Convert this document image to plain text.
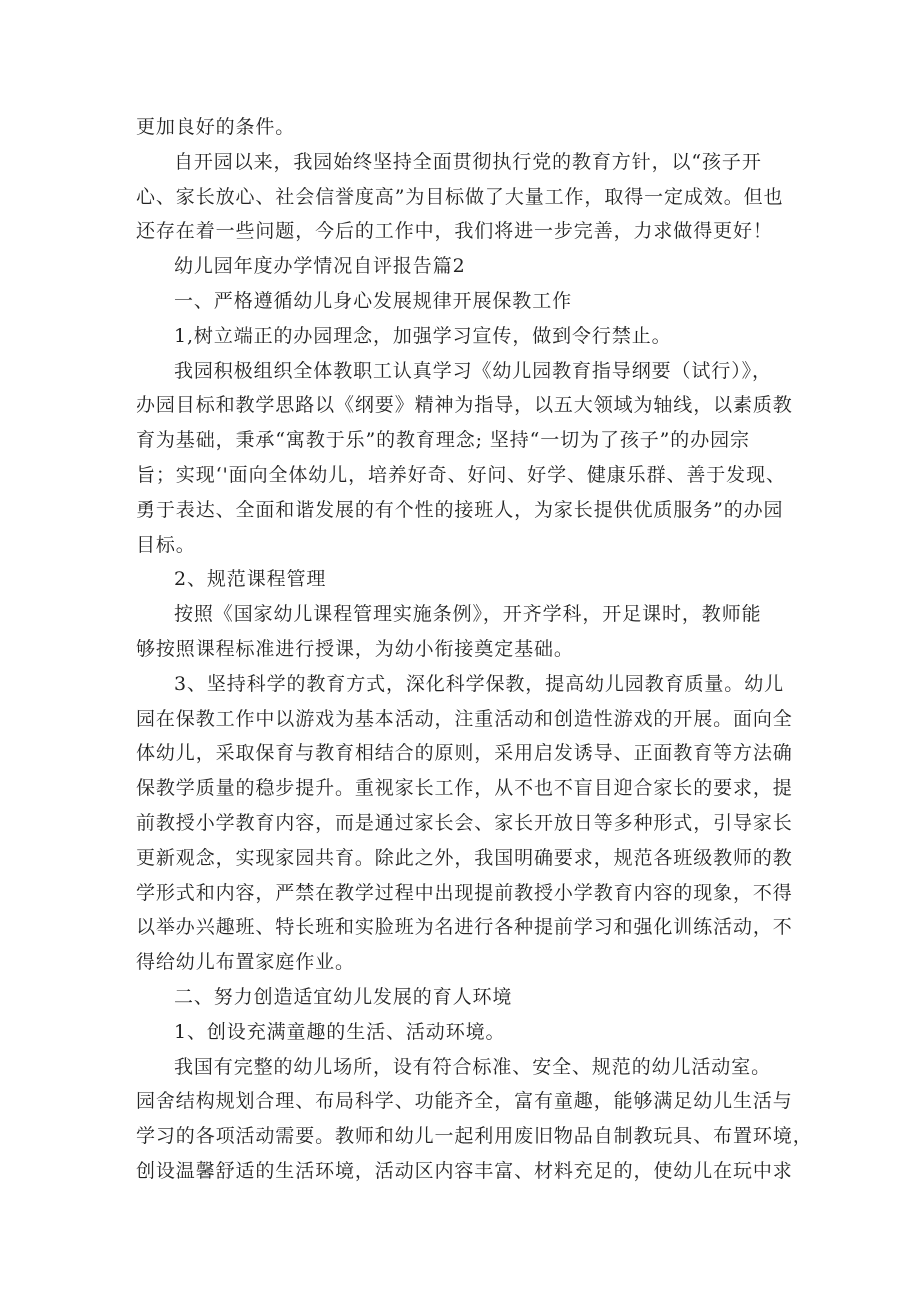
更加良好的条件。
自开园以来，我园始终坚持全面贯彻执行党的教育方针，以“孩子开
心、家长放心、社会信誉度高”为目标做了大量工作，取得一定成效。但也
还存在着一些问题，今后的工作中，我们将进一步完善，力求做得更好！
幼儿园年度办学情况自评报告篇2
一、严格遵循幼儿身心发展规律开展保教工作
1,树立端正的办园理念，加强学习宣传，做到令行禁止。
我园积极组织全体教职工认真学习《幼儿园教育指导纲要（试行）》，
办园目标和教学思路以《纲要》精神为指导，以五大领域为轴线，以素质教
育为基础，秉承“寓教于乐”的教育理念; 坚持“一切为了孩子”的办园宗
旨；实现‘'面向全体幼儿，培养好奇、好问、好学、健康乐群、善于发现、
勇于表达、全面和谐发展的有个性的接班人，为家长提供优质服务”的办园
目标。
2、规范课程管理
按照《国家幼儿课程管理实施条例》，开齐学科，开足课时，教师能
够按照课程标准进行授课，为幼小衔接奠定基础。
3、坚持科学的教育方式，深化科学保教，提高幼儿园教育质量。幼儿
园在保教工作中以游戏为基本活动，注重活动和创造性游戏的开展。面向全
体幼儿，采取保育与教育相结合的原则，采用启发诱导、正面教育等方法确
保教学质量的稳步提升。重视家长工作，从不也不盲目迎合家长的要求，提
前教授小学教育内容，而是通过家长会、家长开放日等多种形式，引导家长
更新观念，实现家园共育。除此之外，我国明确要求，规范各班级教师的教
学形式和内容，严禁在教学过程中出现提前教授小学教育内容的现象，不得
以举办兴趣班、特长班和实脸班为名进行各种提前学习和强化训练活动，不
得给幼儿布置家庭作业。
二、努力创造适宜幼儿发展的育人环境
1、创设充满童趣的生活、活动环境。
我国有完整的幼儿场所，设有符合标准、安全、规范的幼儿活动室。
园舍结构规划合理、布局科学、功能齐全，富有童趣，能够满足幼儿生活与
学习的各项活动需要。教师和幼儿一起利用废旧物品自制教玩具、布置环境，
创设温馨舒适的生活环境，活动区内容丰富、材料充足的，使幼儿在玩中求
